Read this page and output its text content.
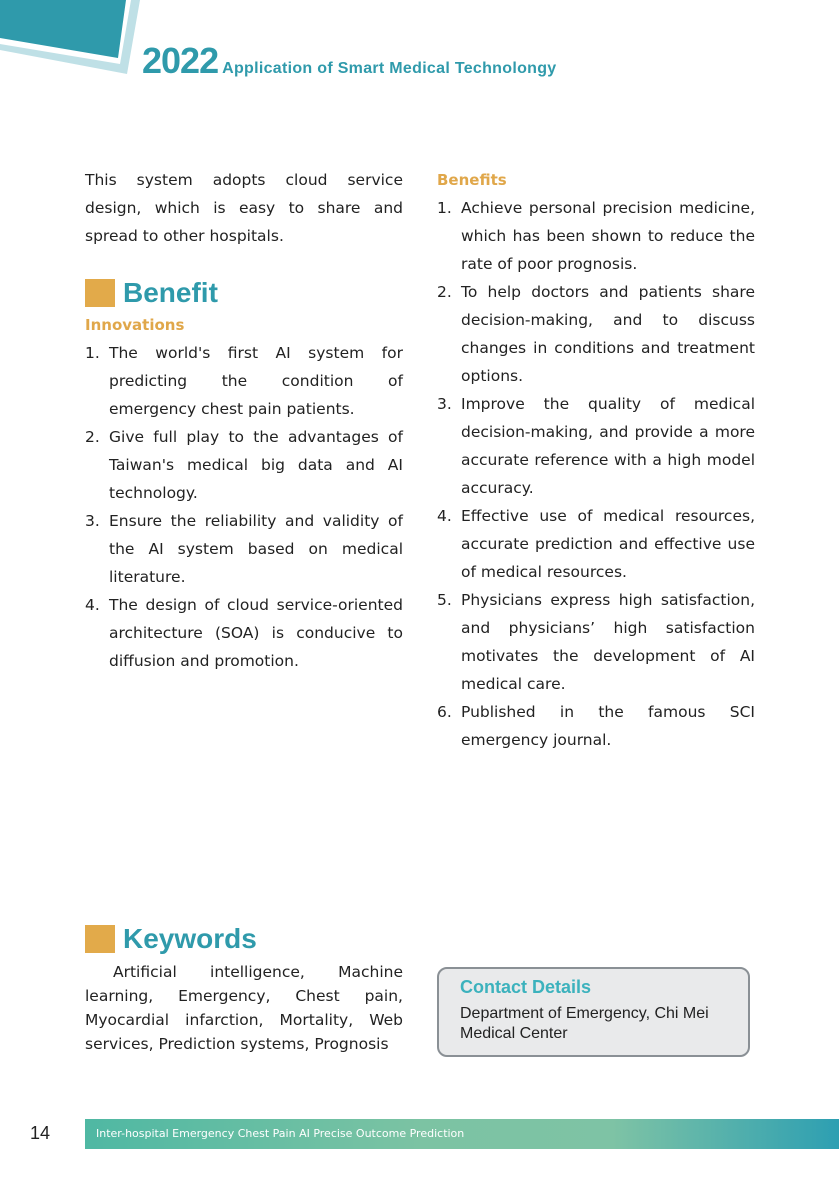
2022 Application of Smart Medical Technolongy
This system adopts cloud service design, which is easy to share and spread to other hospitals.
Benefit
Innovations
1. The world's first AI system for predicting the condition of emergency chest pain patients.
2. Give full play to the advantages of Taiwan's medical big data and AI technology.
3. Ensure the reliability and validity of the AI system based on medical literature.
4. The design of cloud service-oriented architecture (SOA) is conducive to diffusion and promotion.
Benefits
1. Achieve personal precision medicine, which has been shown to reduce the rate of poor prognosis.
2. To help doctors and patients share decision-making, and to discuss changes in conditions and treatment options.
3. Improve the quality of medical decision-making, and provide a more accurate reference with a high model accuracy.
4. Effective use of medical resources, accurate prediction and effective use of medical resources.
5. Physicians express high satisfaction, and physicians’ high satisfaction motivates the development of AI medical care.
6. Published in the famous SCI emergency journal.
Keywords
Artificial intelligence, Machine learning, Emergency, Chest pain, Myocardial infarction, Mortality, Web services, Prediction systems, Prognosis
Contact Details
Department of Emergency, Chi Mei Medical Center
14	Inter-hospital Emergency Chest Pain AI Precise Outcome Prediction
